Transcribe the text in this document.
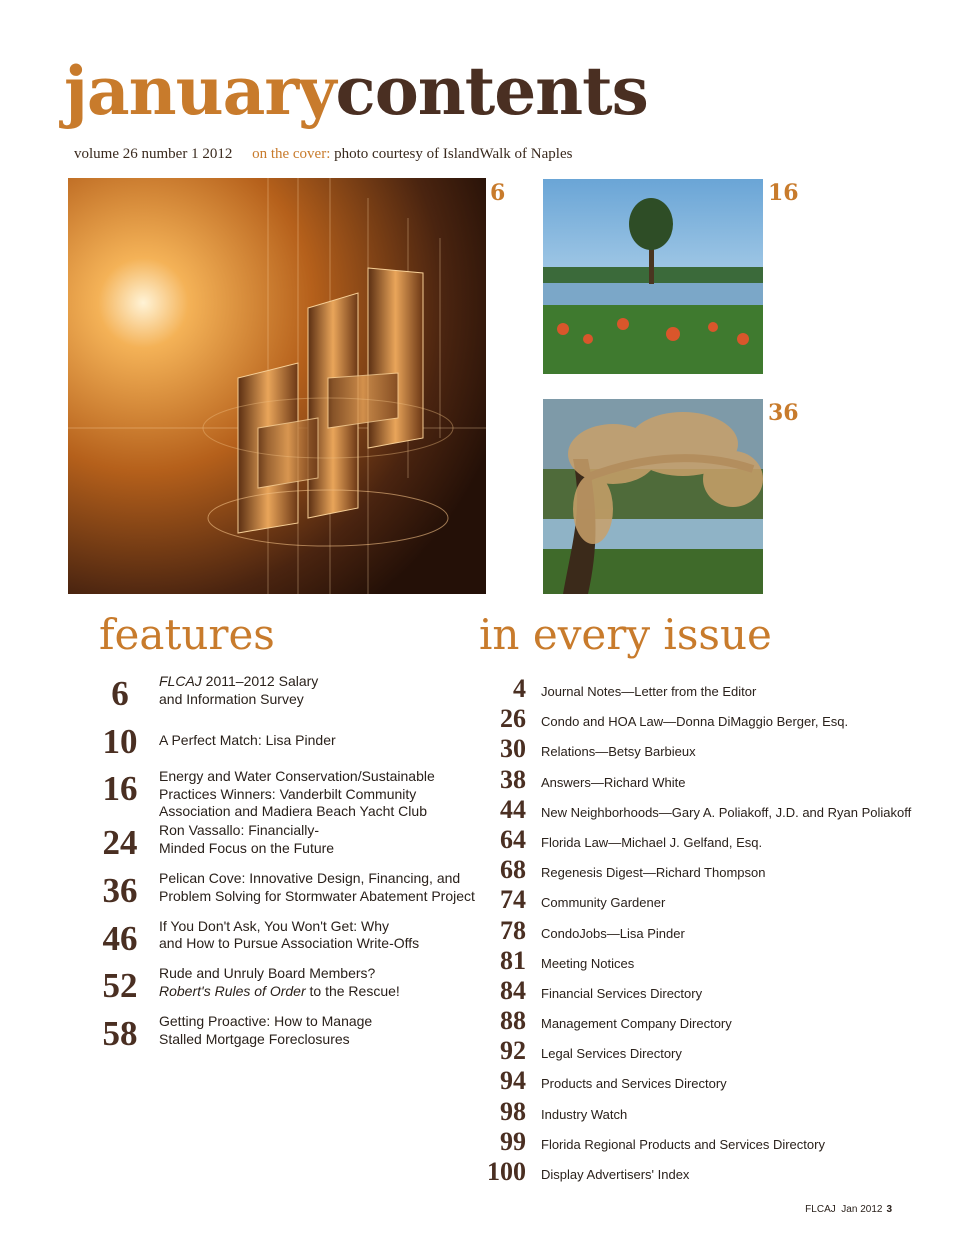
januarycontents
volume 26 number 1 2012 on the cover: photo courtesy of IslandWalk of Naples
6	16
36
features	in every issue
6	FLCAJ 2011–2012 Salary
and Information Survey
10	A Perfect Match: Lisa Pinder
16	Energy and Water Conservation/Sustainable
Practices Winners: Vanderbilt Community
Association and Madiera Beach Yacht Club
24	Ron Vassallo: Financially-
Minded Focus on the Future
36	Pelican Cove: Innovative Design, Financing, and
Problem Solving for Stormwater Abatement Project
46	If You Don't Ask, You Won't Get: Why
and How to Pursue Association Write-Offs
52	Rude and Unruly Board Members?
Robert's Rules of Order to the Rescue!
58	Getting Proactive: How to Manage
Stalled Mortgage Foreclosures
4 Journal Notes—Letter from the Editor
26 Condo and HOA Law—Donna DiMaggio Berger, Esq.
30 Relations—Betsy Barbieux
38 Answers—Richard White
44 New Neighborhoods—Gary A. Poliakoff, J.D. and Ryan Poliakoff
64 Florida Law—Michael J. Gelfand, Esq.
68 Regenesis Digest—Richard Thompson
74 Community Gardener
78 CondoJobs—Lisa Pinder
81 Meeting Notices
84 Financial Services Directory
88 Management Company Directory
92 Legal Services Directory
94 Products and Services Directory
98 Industry Watch
99 Florida Regional Products and Services Directory
100 Display Advertisers' Index
FLCAJ  Jan 2012 3
